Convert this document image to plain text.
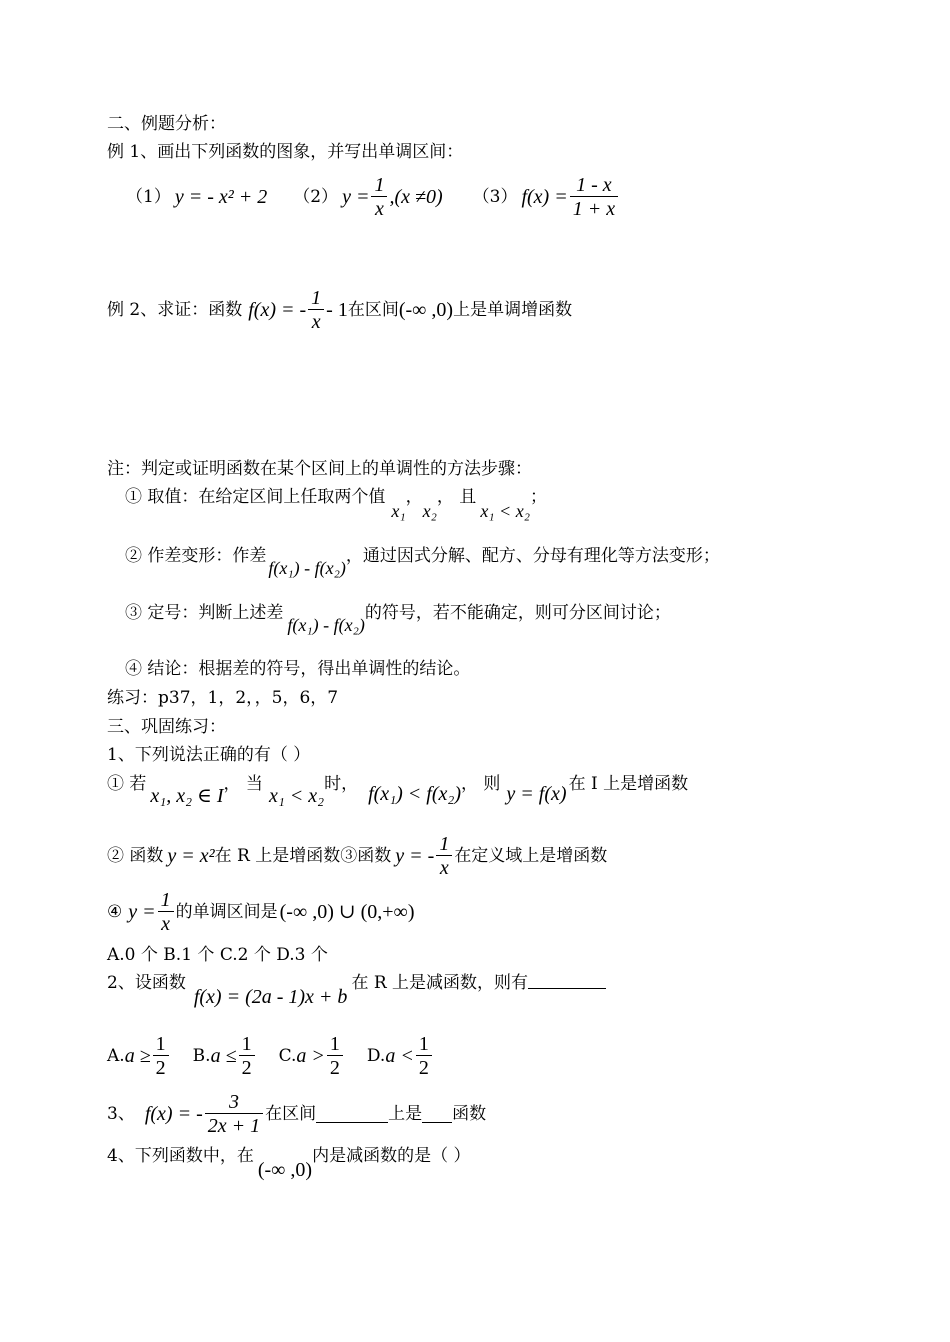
二、例题分析：
例 1、画出下列函数的图象，并写出单调区间：
（1） y = - x² + 2 （2） $y = \frac{1}{x} ,(x \ne 0)$ （3） $f(x) = \frac{1 - x}{1 + x}$
例 2、求证：函数 f(x) = - $\frac{1}{x} - 1$ 在区间 (-∞ ,0) 上是单调增函数
注：判定或证明函数在某个区间上的单调性的方法步骤：
① 取值：在给定区间上任取两个值
x₁
，
x₂
， 且
x₁ < x₂
；
② 作差变形：作差
f(x₁) - f(x₂)
，通过因式分解、配方、分母有理化等方法变形；
③ 定号：判断上述差
f(x₁) - f(x₂)
的符号，若不能确定，则可分区间讨论；
④ 结论：根据差的符号，得出单调性的结论。
练习：p37，1，2，，5，6，7
三、巩固练习：
1、下列说法正确的有（ ）
① 若
x₁, x₂ ∈ I
， 当
x₁ < x₂
时， f(x₁) < f(x₂) ， 则 y = f(x) 在 I 上是增函数
② 函数 y = x² 在 R 上是增函数③函数 y = - $\frac{1}{x}$ 在定义域上是增函数
④ $y = \frac{1}{x}$ 的单调区间是 (-∞ ,0) ∪ (0,+∞)
A.0 个 B.1 个 C.2 个 D.3 个
2、设函数
f(x) = (2a - 1)x + b
在 R 上是减函数，则有
A. $a \ge \frac{1}{2} B$. $a \le \frac{1}{2} C$. $a > \frac{1}{2} D$. $a < \frac{1}{2}$
3、 f(x) = - $\frac{3}{2x + 1}$ 在区间	上是 函数
4、下列函数中，在
(-∞ ,0)
内是减函数的是（ ）
